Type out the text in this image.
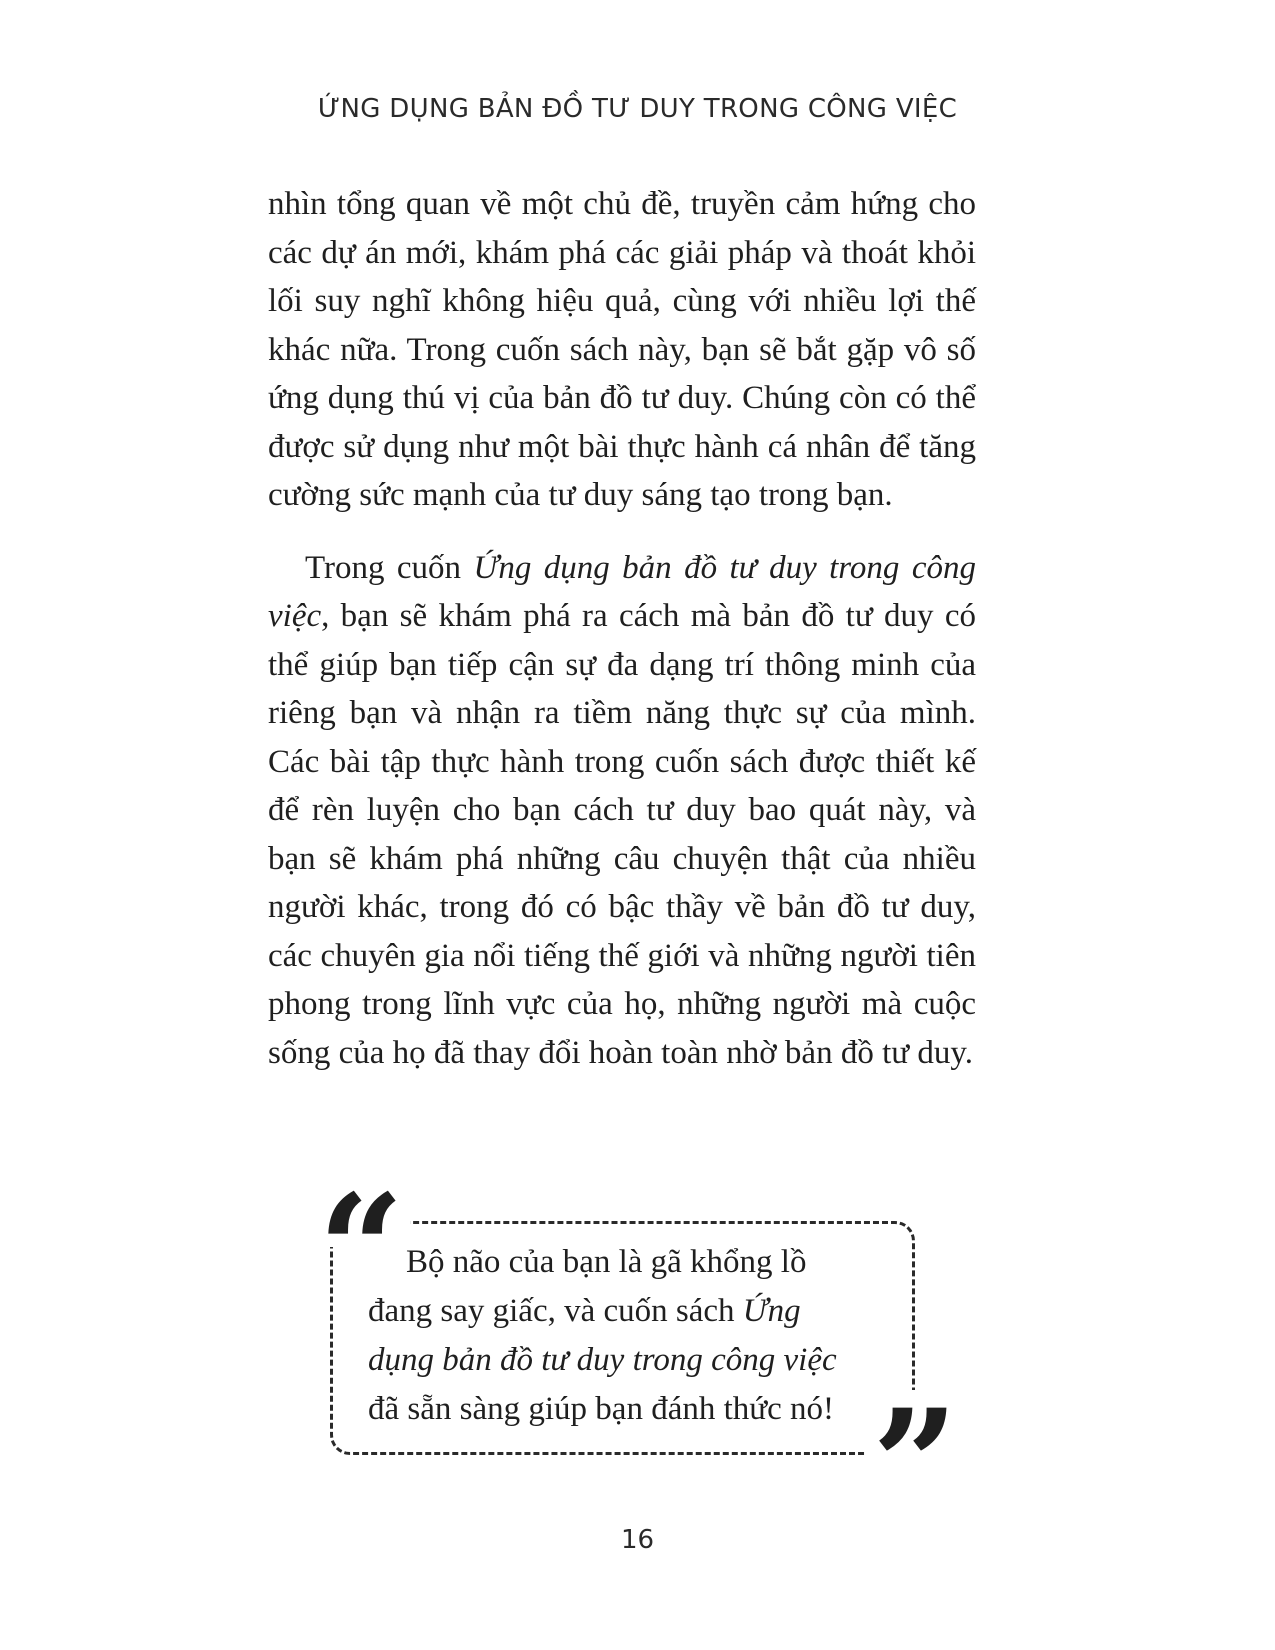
ỨNG DỤNG BẢN ĐỒ TƯ DUY TRONG CÔNG VIỆC

nhìn tổng quan về một chủ đề, truyền cảm hứng cho các dự án mới, khám phá các giải pháp và thoát khỏi lối suy nghĩ không hiệu quả, cùng với nhiều lợi thế khác nữa. Trong cuốn sách này, bạn sẽ bắt gặp vô số ứng dụng thú vị của bản đồ tư duy. Chúng còn có thể được sử dụng như một bài thực hành cá nhân để tăng cường sức mạnh của tư duy sáng tạo trong bạn.

Trong cuốn Ứng dụng bản đồ tư duy trong công việc, bạn sẽ khám phá ra cách mà bản đồ tư duy có thể giúp bạn tiếp cận sự đa dạng trí thông minh của riêng bạn và nhận ra tiềm năng thực sự của mình. Các bài tập thực hành trong cuốn sách được thiết kế để rèn luyện cho bạn cách tư duy bao quát này, và bạn sẽ khám phá những câu chuyện thật của nhiều người khác, trong đó có bậc thầy về bản đồ tư duy, các chuyên gia nổi tiếng thế giới và những người tiên phong trong lĩnh vực của họ, những người mà cuộc sống của họ đã thay đổi hoàn toàn nhờ bản đồ tư duy.

“ Bộ não của bạn là gã khổng lồ đang say giấc, và cuốn sách Ứng dụng bản đồ tư duy trong công việc đã sẵn sàng giúp bạn đánh thức nó! ”
16
